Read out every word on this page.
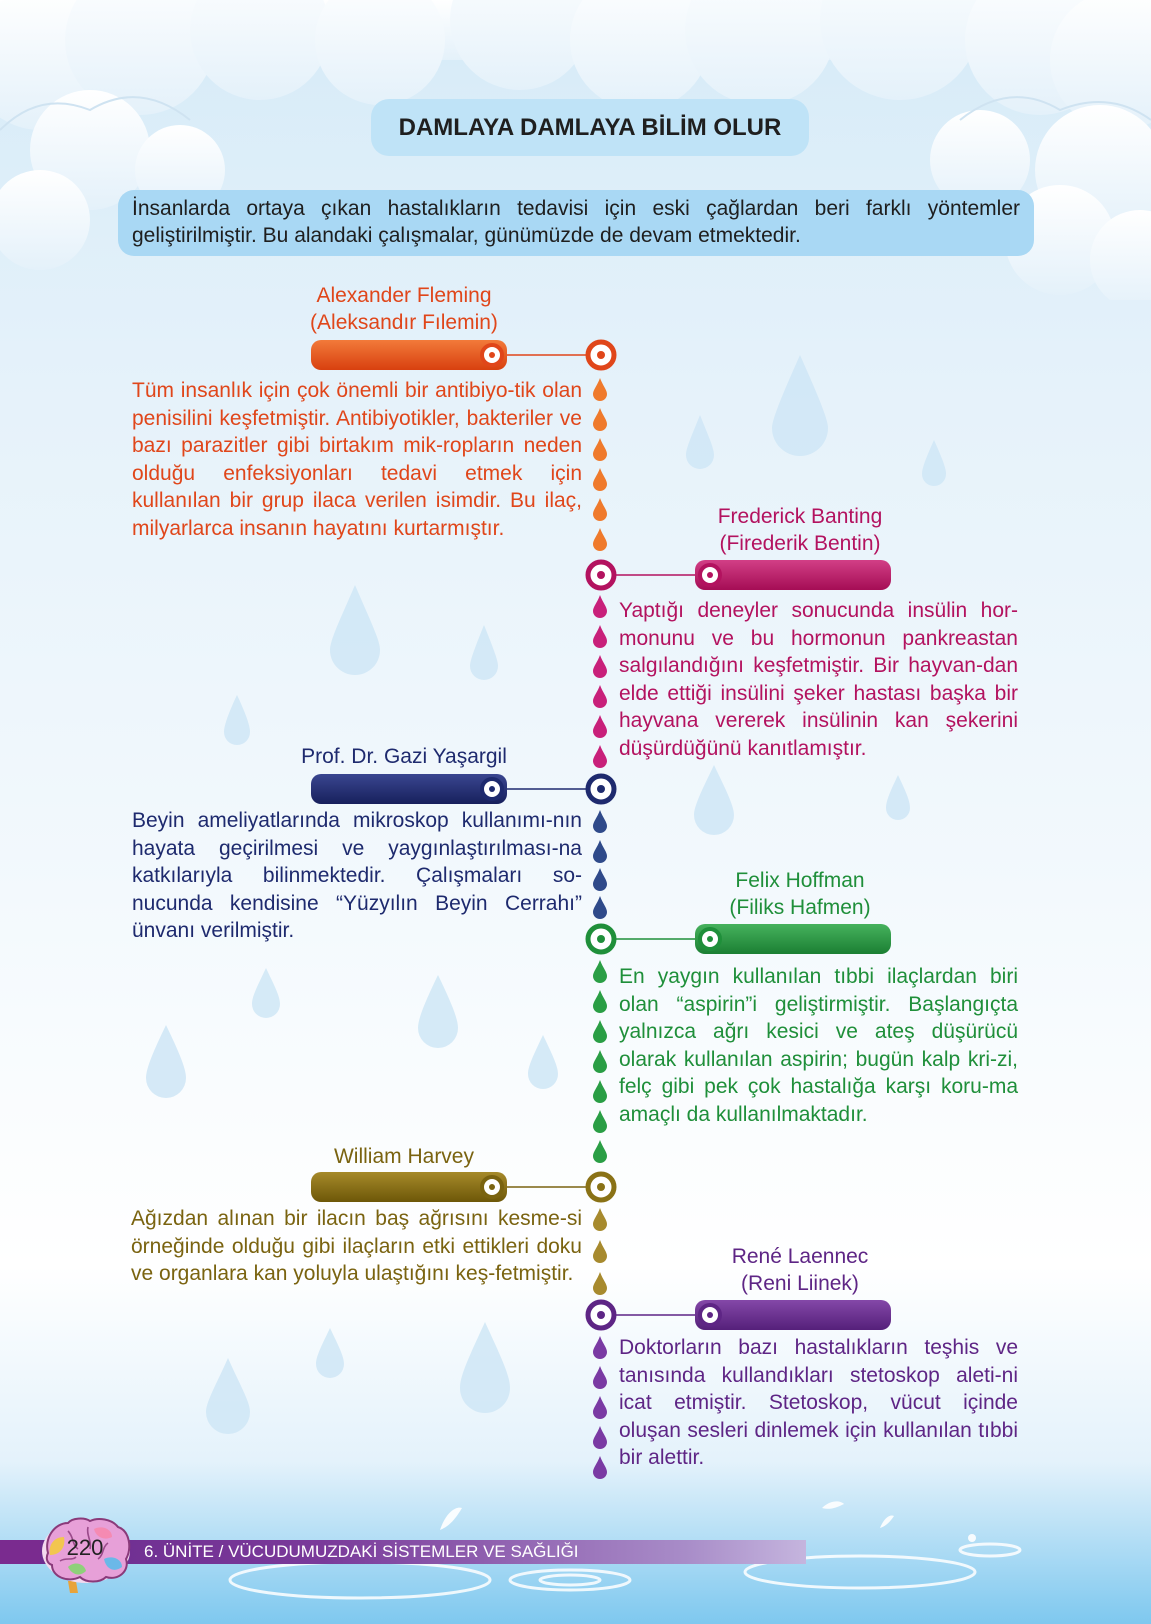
DAMLAYA DAMLAYA BİLİM OLUR
İnsanlarda ortaya çıkan hastalıkların tedavisi için eski çağlardan beri farklı yöntemler geliştirilmiştir. Bu alandaki çalışmalar, günümüzde de devam etmektedir.
Alexander Fleming
(Aleksandır Fılemin)
Tüm insanlık için çok önemli bir antibiyo-tik olan penisilini keşfetmiştir. Antibiyotikler, bakteriler ve bazı parazitler gibi birtakım mik-ropların neden olduğu enfeksiyonları tedavi etmek için kullanılan bir grup ilaca verilen isimdir. Bu ilaç, milyarlarca insanın hayatını kurtarmıştır.	Frederick Banting
(Firederik Bentin)
Yaptığı deneyler sonucunda insülin hor-monunu ve bu hormonun pankreastan salgılandığını keşfetmiştir. Bir hayvan-dan elde ettiği insülini şeker hastası başka bir hayvana vererek insülinin kan şekerini düşürdüğünü kanıtlamıştır.
Prof. Dr. Gazi Yaşargil
Beyin ameliyatlarında mikroskop kullanımı-nın hayata geçirilmesi ve yaygınlaştırılması-na katkılarıyla bilinmektedir. Çalışmaları so-nucunda kendisine “Yüzyılın Beyin Cerrahı” ünvanı verilmiştir.
Felix Hoffman
(Filiks Hafmen)
En yaygın kullanılan tıbbi ilaçlardan biri olan “aspirin”i geliştirmiştir. Başlangıçta yalnızca ağrı kesici ve ateş düşürücü olarak kullanılan aspirin; bugün kalp kri-zi, felç gibi pek çok hastalığa karşı koru-ma amaçlı da kullanılmaktadır.
William Harvey
Ağızdan alınan bir ilacın baş ağrısını kesme-si örneğinde olduğu gibi ilaçların etki ettikleri doku ve organlara kan yoluyla ulaştığını keş-fetmiştir.
René Laennec
(Reni Liinek)
Doktorların bazı hastalıkların teşhis ve tanısında kullandıkları stetoskop aleti-ni icat etmiştir. Stetoskop, vücut içinde oluşan sesleri dinlemek için kullanılan tıbbi bir alettir.
6. ÜNİTE / VÜCUDUMUZDAKİ SİSTEMLER VE SAĞLIĞI
220
